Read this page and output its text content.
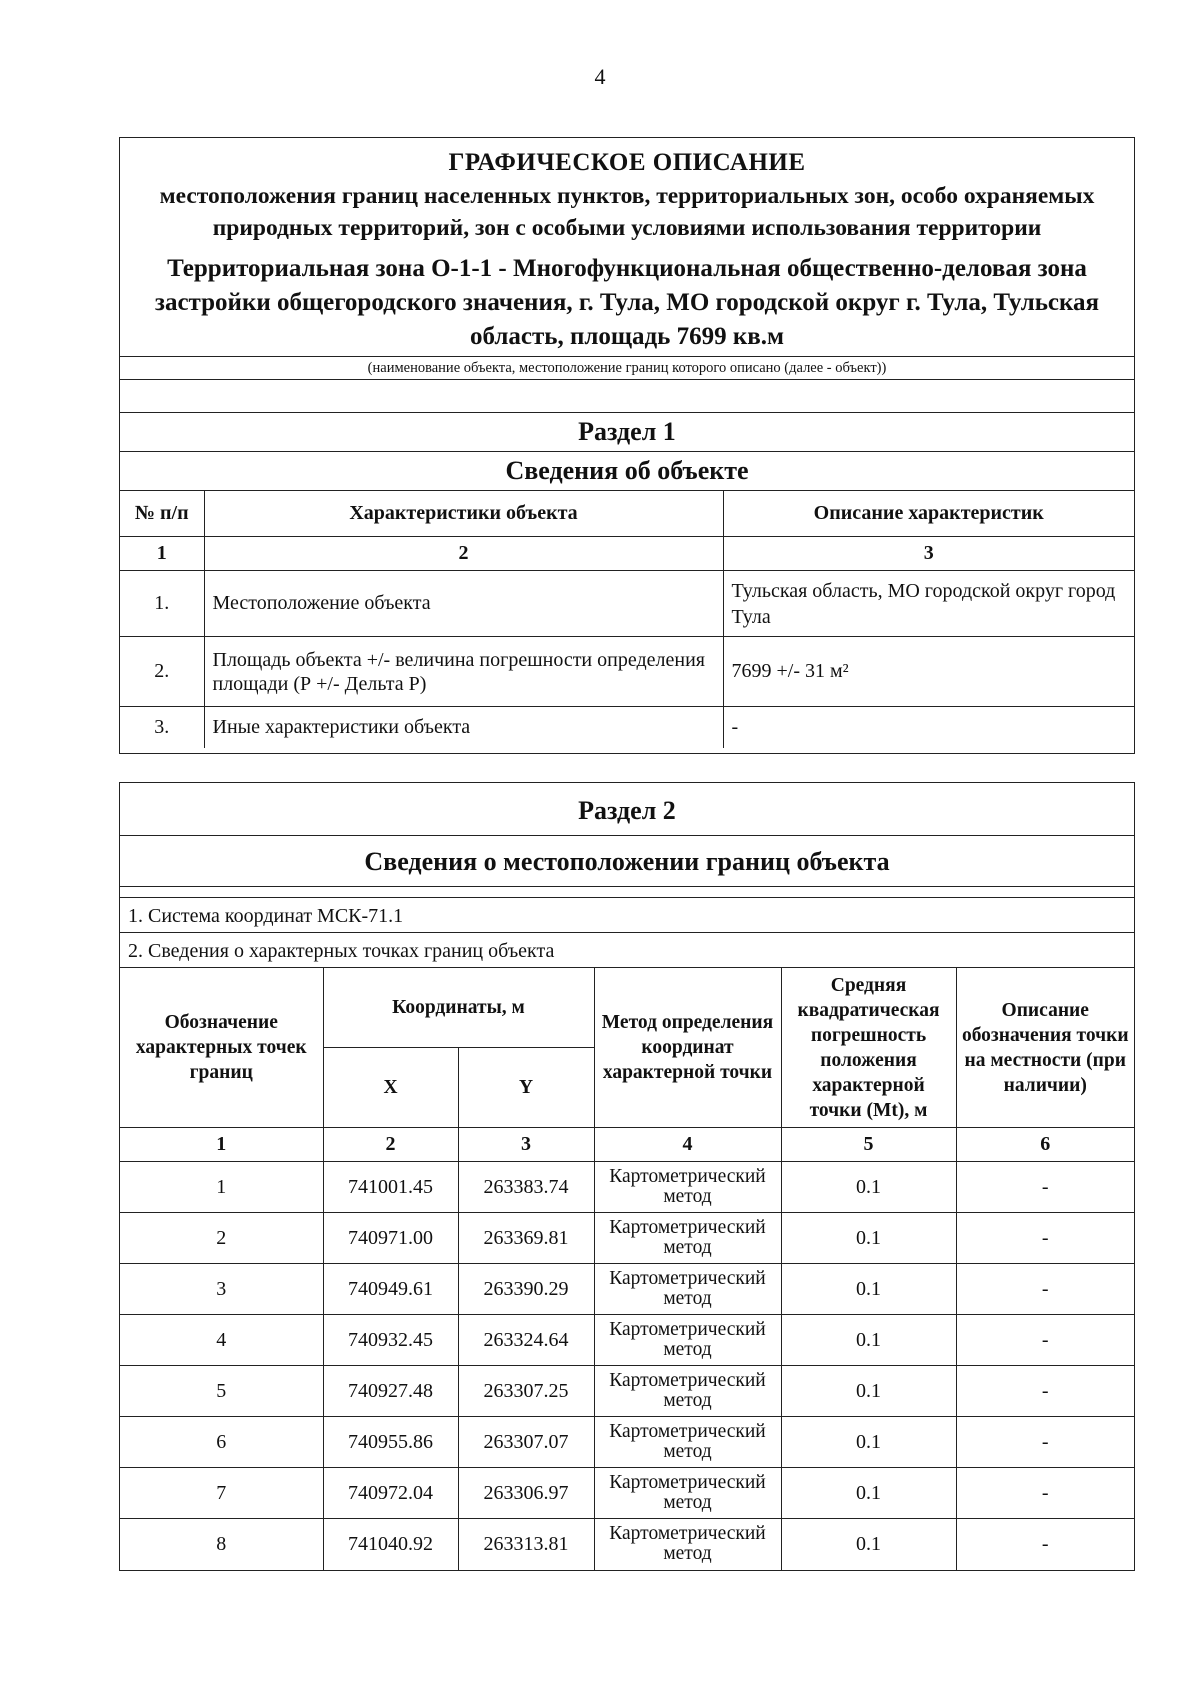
4
ГРАФИЧЕСКОЕ ОПИСАНИЕ
местоположения границ населенных пунктов, территориальных зон, особо охраняемых природных территорий, зон с особыми условиями использования территории
Территориальная зона О-1-1 - Многофункциональная общественно-деловая зона застройки общегородского значения, г. Тула, МО городской округ г. Тула, Тульская область, площадь 7699 кв.м
(наименование объекта, местоположение границ которого описано (далее - объект))
Раздел 1
Сведения об объекте
№ п/п	Характеристики объекта	Описание характеристик
1	2	3
1.	Местоположение объекта	Тульская область, МО городской округ город Тула
2.	Площадь объекта +/- величина погрешности определения площади (Р +/- Дельта Р)	7699 +/- 31 м²
3.	Иные характеристики объекта	-
Раздел 2
Сведения о местоположении границ объекта
1. Система координат МСК-71.1
2. Сведения о характерных точках границ объекта
Обозначение характерных точек границ	Координаты, м		Метод определения координат характерной точки	Средняя квадратическая погрешность положения характерной точки (Mt), м	Описание обозначения точки на местности (при наличии)
	X	Y			
1	2	3	4	5	6
1	741001.45	263383.74	Картометрический метод	0.1	-
2	740971.00	263369.81	Картометрический метод	0.1	-
3	740949.61	263390.29	Картометрический метод	0.1	-
4	740932.45	263324.64	Картометрический метод	0.1	-
5	740927.48	263307.25	Картометрический метод	0.1	-
6	740955.86	263307.07	Картометрический метод	0.1	-
7	740972.04	263306.97	Картометрический метод	0.1	-
8	741040.92	263313.81	Картометрический метод	0.1	-
